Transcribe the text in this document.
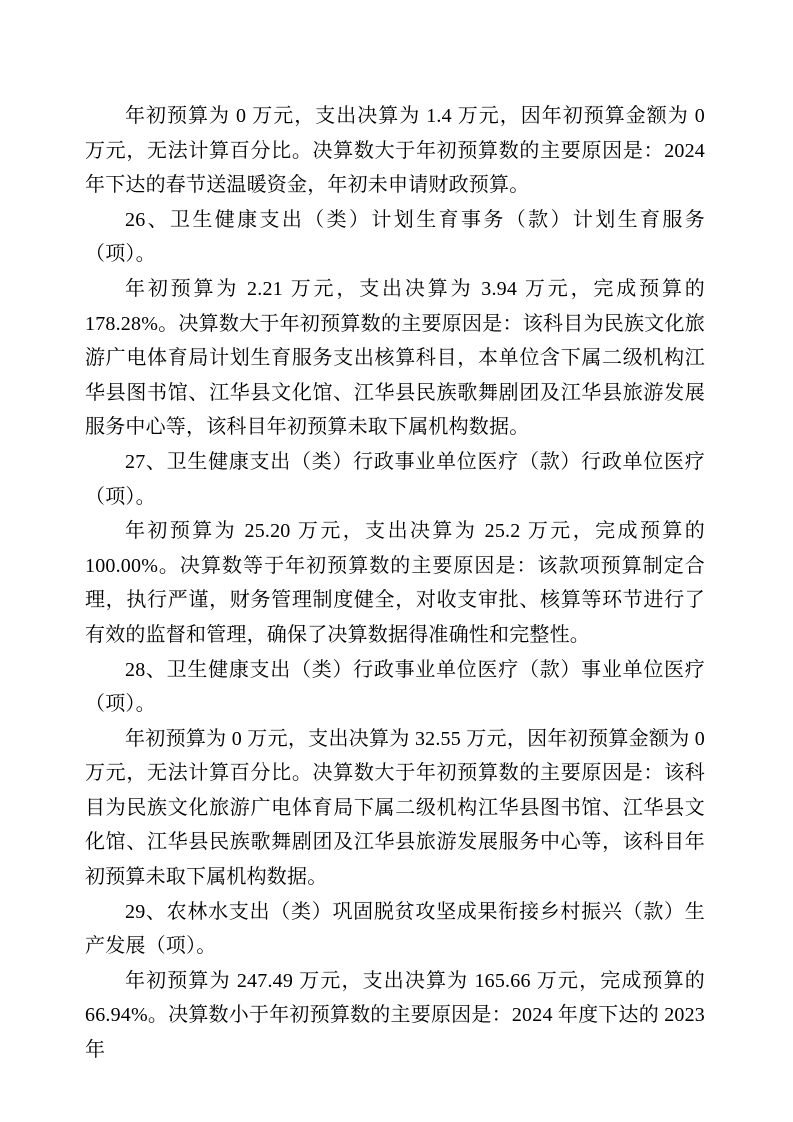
年初预算为 0 万元，支出决算为 1.4 万元，因年初预算金额为 0 万元，无法计算百分比。决算数大于年初预算数的主要原因是：2024 年下达的春节送温暖资金，年初未申请财政预算。

26、卫生健康支出（类）计划生育事务（款）计划生育服务（项）。

年初预算为 2.21 万元，支出决算为 3.94 万元，完成预算的 178.28%。决算数大于年初预算数的主要原因是：该科目为民族文化旅游广电体育局计划生育服务支出核算科目，本单位含下属二级机构江华县图书馆、江华县文化馆、江华县民族歌舞剧团及江华县旅游发展服务中心等，该科目年初预算未取下属机构数据。

27、卫生健康支出（类）行政事业单位医疗（款）行政单位医疗（项）。

年初预算为 25.20 万元，支出决算为 25.2 万元，完成预算的 100.00%。决算数等于年初预算数的主要原因是：该款项预算制定合理，执行严谨，财务管理制度健全，对收支审批、核算等环节进行了有效的监督和管理，确保了决算数据得准确性和完整性。

28、卫生健康支出（类）行政事业单位医疗（款）事业单位医疗（项）。

年初预算为 0 万元，支出决算为 32.55 万元，因年初预算金额为 0 万元，无法计算百分比。决算数大于年初预算数的主要原因是：该科目为民族文化旅游广电体育局下属二级机构江华县图书馆、江华县文化馆、江华县民族歌舞剧团及江华县旅游发展服务中心等，该科目年初预算未取下属机构数据。

29、农林水支出（类）巩固脱贫攻坚成果衔接乡村振兴（款）生产发展（项）。

年初预算为 247.49 万元，支出决算为 165.66 万元，完成预算的 66.94%。决算数小于年初预算数的主要原因是：2024 年度下达的 2023 年
